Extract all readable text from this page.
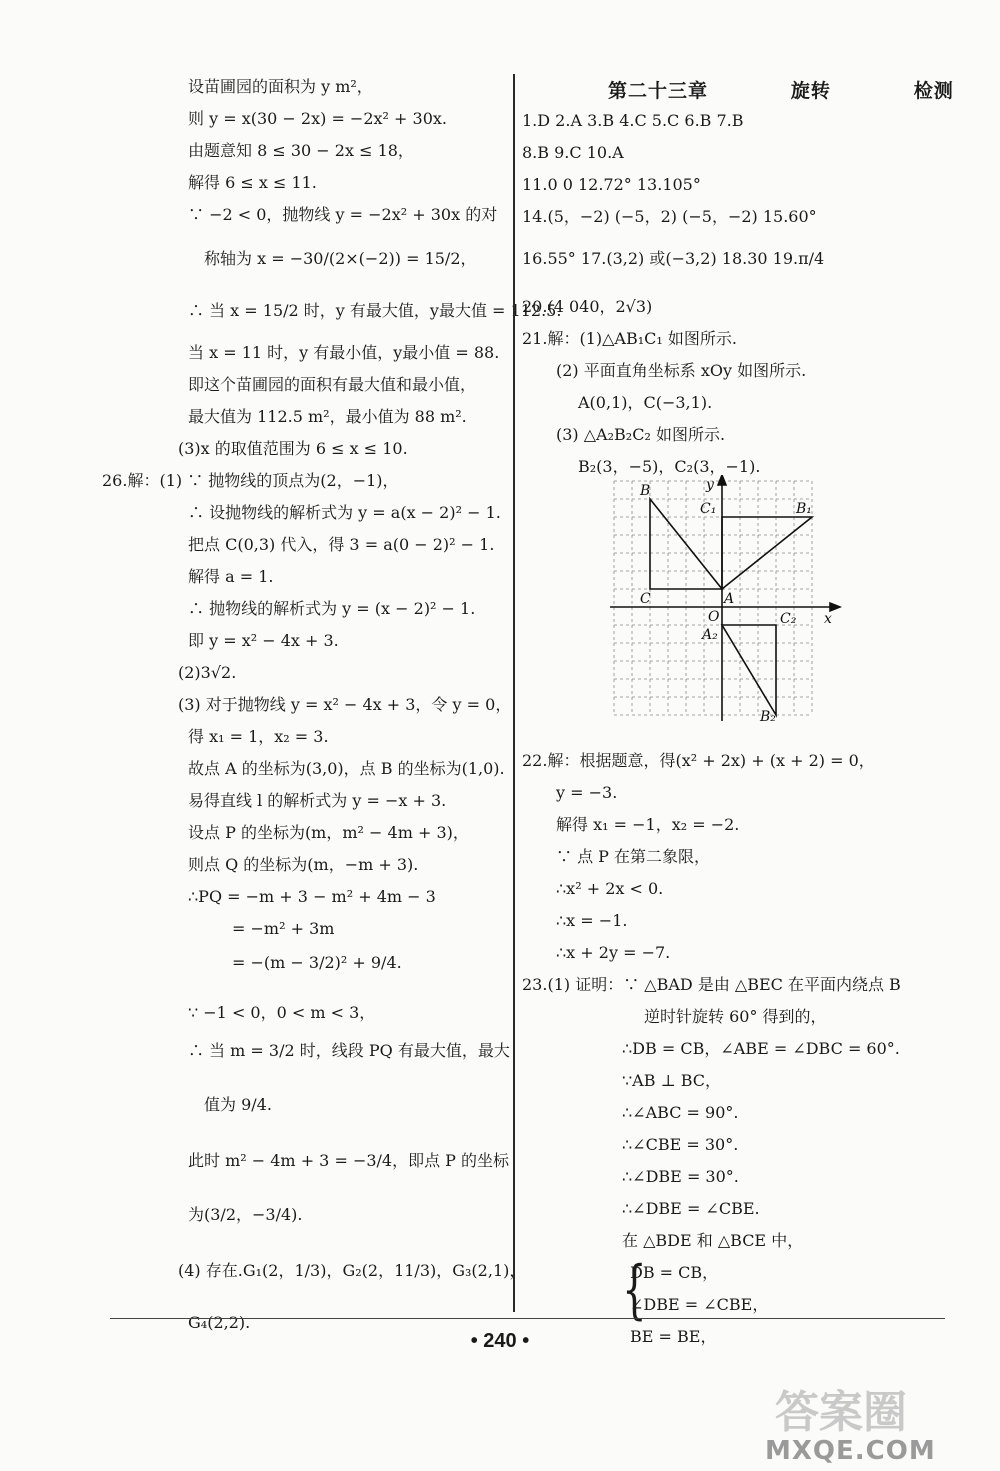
设苗圃园的面积为 y m²，
则 y = x(30 − 2x) = −2x² + 30x.
由题意知 8 ≤ 30 − 2x ≤ 18，
解得 6 ≤ x ≤ 11.
∵ −2 < 0，抛物线 y = −2x² + 30x 的对
称轴为 x = −30/(2×(−2)) = 15/2，
∴ 当 x = 15/2 时，y 有最大值，y最大值 = 112.5.
当 x = 11 时，y 有最小值，y最小值 = 88.
即这个苗圃园的面积有最大值和最小值，
最大值为 112.5 m²，最小值为 88 m².
(3)x 的取值范围为 6 ≤ x ≤ 10.
26.解：(1) ∵ 抛物线的顶点为(2，−1)，
∴ 设抛物线的解析式为 y = a(x − 2)² − 1.
把点 C(0,3) 代入，得 3 = a(0 − 2)² − 1.
解得 a = 1.
∴ 抛物线的解析式为 y = (x − 2)² − 1.
即 y = x² − 4x + 3.
(2)3√2.
(3) 对于抛物线 y = x² − 4x + 3，令 y = 0，
得 x₁ = 1，x₂ = 3.
故点 A 的坐标为(3,0)，点 B 的坐标为(1,0).
易得直线 l 的解析式为 y = −x + 3.
设点 P 的坐标为(m，m² − 4m + 3)，
则点 Q 的坐标为(m，−m + 3).
∴PQ = −m + 3 − m² + 4m − 3
= −m² + 3m
= −(m − 3/2)² + 9/4.
∵ −1 < 0，0 < m < 3，
∴ 当 m = 3/2 时，线段 PQ 有最大值，最大
值为 9/4.
此时 m² − 4m + 3 = −3/4，即点 P 的坐标
为(3/2，−3/4).
(4) 存在.G₁(2，1/3)，G₂(2，11/3)，G₃(2,1)，
G₄(2,2).
第二十三章   旋转   检测
B	y
C₁	B₁
C	A
O	x
A₂
C₂
B₂
{
1.D 2.A 3.B 4.C 5.C 6.B 7.B
8.B 9.C 10.A
11.0 0 12.72° 13.105°
14.(5，−2) (−5，2) (−5，−2) 15.60°
16.55° 17.(3,2) 或(−3,2) 18.30 19.π/4
20.(4 040，2√3)
21.解：(1)△AB₁C₁ 如图所示.
(2) 平面直角坐标系 xOy 如图所示.
A(0,1)，C(−3,1).
(3) △A₂B₂C₂ 如图所示.
B₂(3，−5)，C₂(3，−1).
22.解：根据题意，得(x² + 2x) + (x + 2) = 0，
y = −3.
解得 x₁ = −1，x₂ = −2.
∵ 点 P 在第二象限，
∴x² + 2x < 0.
∴x = −1.
∴x + 2y = −7.
23.(1) 证明：∵ △BAD 是由 △BEC 在平面内绕点 B
逆时针旋转 60° 得到的，
∴DB = CB，∠ABE = ∠DBC = 60°.
∵AB ⊥ BC，
∴∠ABC = 90°.
∴∠CBE = 30°.
∴∠DBE = 30°.
∴∠DBE = ∠CBE.
在 △BDE 和 △BCE 中，
DB = CB，
∠DBE = ∠CBE，
BE = BE，
• 240 •
答案圈
MXQE.COM
